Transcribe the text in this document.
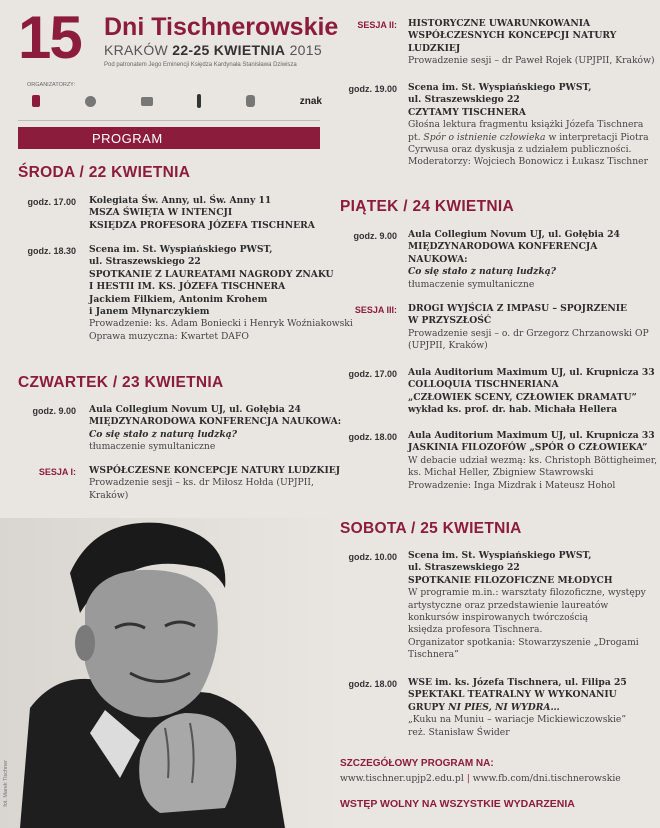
15 Dni Tischnerowskie
KRAKÓW 22-25 KWIETNIA 2015
Pod patronatem Jego Eminencji Księdza Kardynała Stanisława Dziwisza
ORGANIZATORZY:
znak
PROGRAM
ŚRODA / 22 KWIETNIA
godz. 17.00 Kolegiata Św. Anny, ul. Św. Anny 11
MSZA ŚWIĘTA W INTENCJI
KSIĘDZA PROFESORA JÓZEFA TISCHNERA
godz. 18.30 Scena im. St. Wyspiańskiego PWST,
ul. Straszewskiego 22
SPOTKANIE Z LAUREATAMI NAGRODY ZNAKU
I HESTII IM. KS. JÓZEFA TISCHNERA
Jackiem Filkiem, Antonim Krohem
i Janem Młynarczykiem
Prowadzenie: ks. Adam Boniecki i Henryk Woźniakowski
Oprawa muzyczna: Kwartet DAFO
CZWARTEK / 23 KWIETNIA
godz. 9.00 Aula Collegium Novum UJ, ul. Gołębia 24
MIĘDZYNARODOWA KONFERENCJA NAUKOWA:
Co się stało z naturą ludzką?
tłumaczenie symultaniczne
SESJA I: WSPÓŁCZESNE KONCEPCJE NATURY LUDZKIEJ
Prowadzenie sesji – ks. dr Miłosz Hołda (UPJPII,
Kraków)
fot. Marek Tischner
SESJA II: HISTORYCZNE UWARUNKOWANIA
WSPÓŁCZESNYCH KONCEPCJI NATURY
LUDZKIEJ
Prowadzenie sesji – dr Paweł Rojek (UPJPII, Kraków)
godz. 19.00 Scena im. St. Wyspiańskiego PWST,
ul. Straszewskiego 22
CZYTAMY TISCHNERA
Głośna lektura fragmentu książki Józefa Tischnera
pt. Spór o istnienie człowieka w interpretacji Piotra
Cyrwusa oraz dyskusja z udziałem publiczności.
Moderatorzy: Wojciech Bonowicz i Łukasz Tischner
PIĄTEK / 24 KWIETNIA
godz. 9.00 Aula Collegium Novum UJ, ul. Gołębia 24
MIĘDZYNARODOWA KONFERENCJA
NAUKOWA:
Co się stało z naturą ludzką?
tłumaczenie symultaniczne
SESJA III: DROGI WYJŚCIA Z IMPASU – SPOJRZENIE
W PRZYSZŁOŚĆ
Prowadzenie sesji – o. dr Grzegorz Chrzanowski OP
(UPJPII, Kraków)
godz. 17.00 Aula Auditorium Maximum UJ, ul. Krupnicza 33
COLLOQUIA TISCHNERIANA
„CZŁOWIEK SCENY, CZŁOWIEK DRAMATU”
wykład ks. prof. dr. hab. Michała Hellera
godz. 18.00 Aula Auditorium Maximum UJ, ul. Krupnicza 33
JASKINIA FILOZOFÓW „SPÓR O CZŁOWIEKA”
W debacie udział wezmą: ks. Christoph Böttigheimer,
ks. Michał Heller, Zbigniew Stawrowski
Prowadzenie: Inga Mizdrak i Mateusz Hohol
SOBOTA / 25 KWIETNIA
godz. 10.00 Scena im. St. Wyspiańskiego PWST,
ul. Straszewskiego 22
SPOTKANIE FILOZOFICZNE MŁODYCH
W programie m.in.: warsztaty filozoficzne, występy
artystyczne oraz przedstawienie laureatów
konkursów inspirowanych twórczością
księdza profesora Tischnera.
Organizator spotkania: Stowarzyszenie „Drogami
Tischnera”
godz. 18.00 WSE im. ks. Józefa Tischnera, ul. Filipa 25
SPEKTAKL TEATRALNY W WYKONANIU
GRUPY NI PIES, NI WYDRA…
„Kuku na Muniu – wariacje Mickiewiczowskie”
reż. Stanisław Świder
SZCZEGÓŁOWY PROGRAM NA:
www.tischner.upjp2.edu.pl | www.fb.com/dni.tischnerowskie
WSTĘP WOLNY NA WSZYSTKIE WYDARZENIA
